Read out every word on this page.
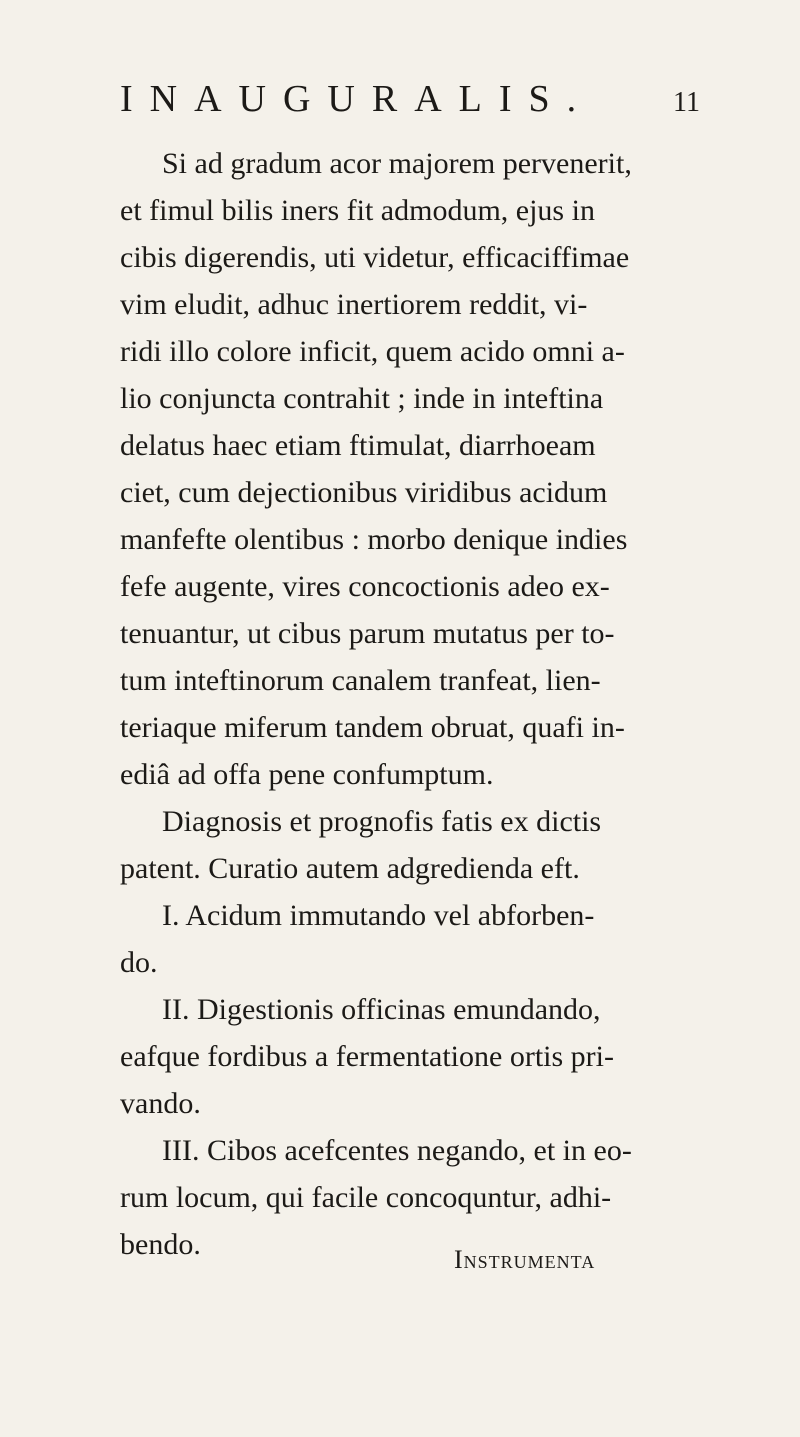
INAUGURALIS.	11
Si ad gradum acor majorem pervenerit,
et fimul bilis iners fit admodum, ejus in
cibis digerendis, uti videtur, efficaciffimae
vim eludit, adhuc inertiorem reddit, vi-
ridi illo colore inficit, quem acido omni a-
lio conjuncta contrahit ; inde in inteftina
delatus haec etiam ftimulat, diarrhoeam
ciet, cum dejectionibus viridibus acidum
manfefte olentibus : morbo denique indies
fefe augente, vires concoctionis adeo ex-
tenuantur, ut cibus parum mutatus per to-
tum inteftinorum canalem tranfeat, lien-
teriaque miferum tandem obruat, quafi in-
ediâ ad offa pene confumptum.
Diagnosis et prognofis fatis ex dictis
patent. Curatio autem adgredienda eft.
I. Acidum immutando vel abforben-
do.
II. Digestionis officinas emundando,
eafque fordibus a fermentatione ortis pri-
vando.
III. Cibos acefcentes negando, et in eo-
rum locum, qui facile concoquntur, adhi-
bendo.	Instrumenta
